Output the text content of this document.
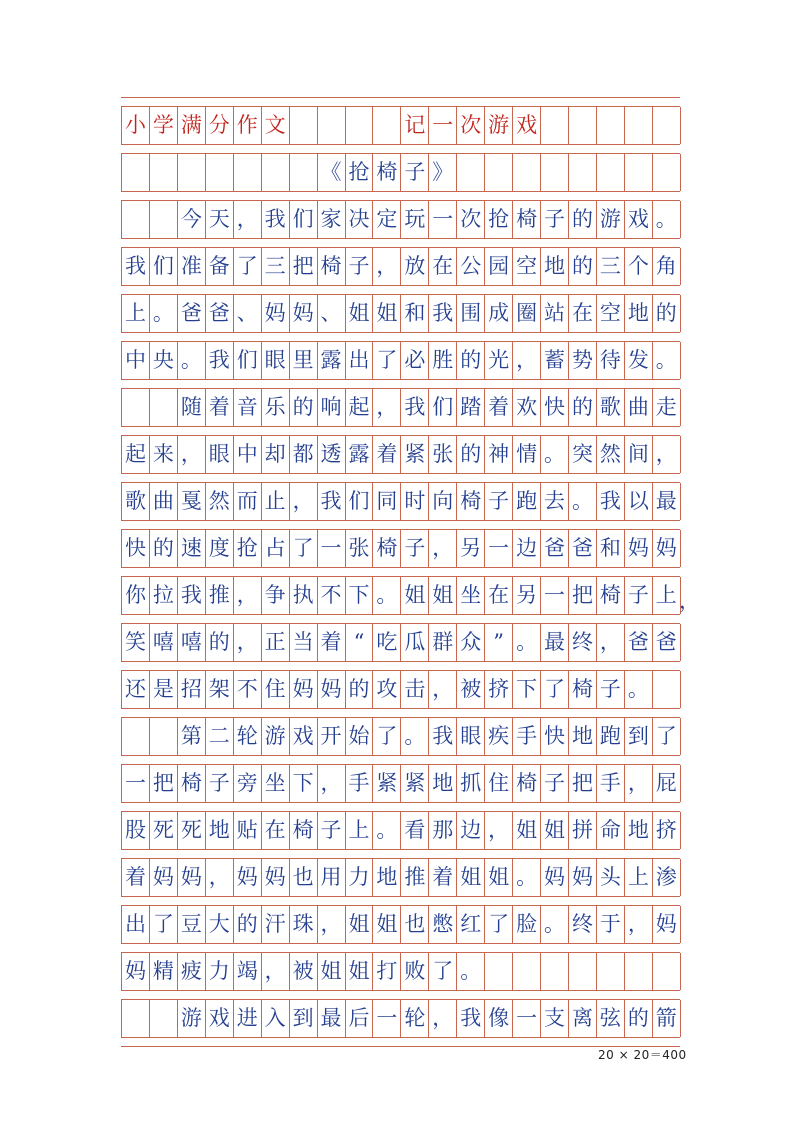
小 学 满 分 作 文	记 一 次 游 戏
《 抢 椅 子 》
今 天 ， 我 们 家 决 定 玩 一 次 抢 椅 子 的 游 戏 。
我 们 准 备 了 三 把 椅 子 ， 放 在 公 园 空 地 的 三 个 角
上 。 爸 爸 、 妈 妈 、 姐 姐 和 我 围 成 圈 站 在 空 地 的
中 央 。 我 们 眼 里 露 出 了 必 胜 的 光 ， 蓄 势 待 发 。
随 着 音 乐 的 响 起 ， 我 们 踏 着 欢 快 的 歌 曲 走
起 来 ， 眼 中 却 都 透 露 着 紧 张 的 神 情 。 突 然 间 ，
歌 曲 戛 然 而 止 ， 我 们 同 时 向 椅 子 跑 去 。 我 以 最
快 的 速 度 抢 占 了 一 张 椅 子 ， 另 一 边 爸 爸 和 妈 妈
你 拉 我 推 ， 争 执 不 下 。 姐 姐 坐 在 另 一 把 椅 子 上 ，
笑 嘻 嘻 的 ， 正 当 着 “ 吃 瓜 群 众 ” 。 最 终 ， 爸 爸
还 是 招 架 不 住 妈 妈 的 攻 击 ， 被 挤 下 了 椅 子 。
第 二 轮 游 戏 开 始 了 。 我 眼 疾 手 快 地 跑 到 了
一 把 椅 子 旁 坐 下 ， 手 紧 紧 地 抓 住 椅 子 把 手 ， 屁
股 死 死 地 贴 在 椅 子 上 。 看 那 边 ， 姐 姐 拼 命 地 挤
着 妈 妈 ， 妈 妈 也 用 力 地 推 着 姐 姐 。 妈 妈 头 上 渗
出 了 豆 大 的 汗 珠 ， 姐 姐 也 憋 红 了 脸 。 终 于 ， 妈
妈 精 疲 力 竭 ， 被 姐 姐 打 败 了 。
游 戏 进 入 到 最 后 一 轮 ， 我 像 一 支 离 弦 的 箭
20 × 20＝400
